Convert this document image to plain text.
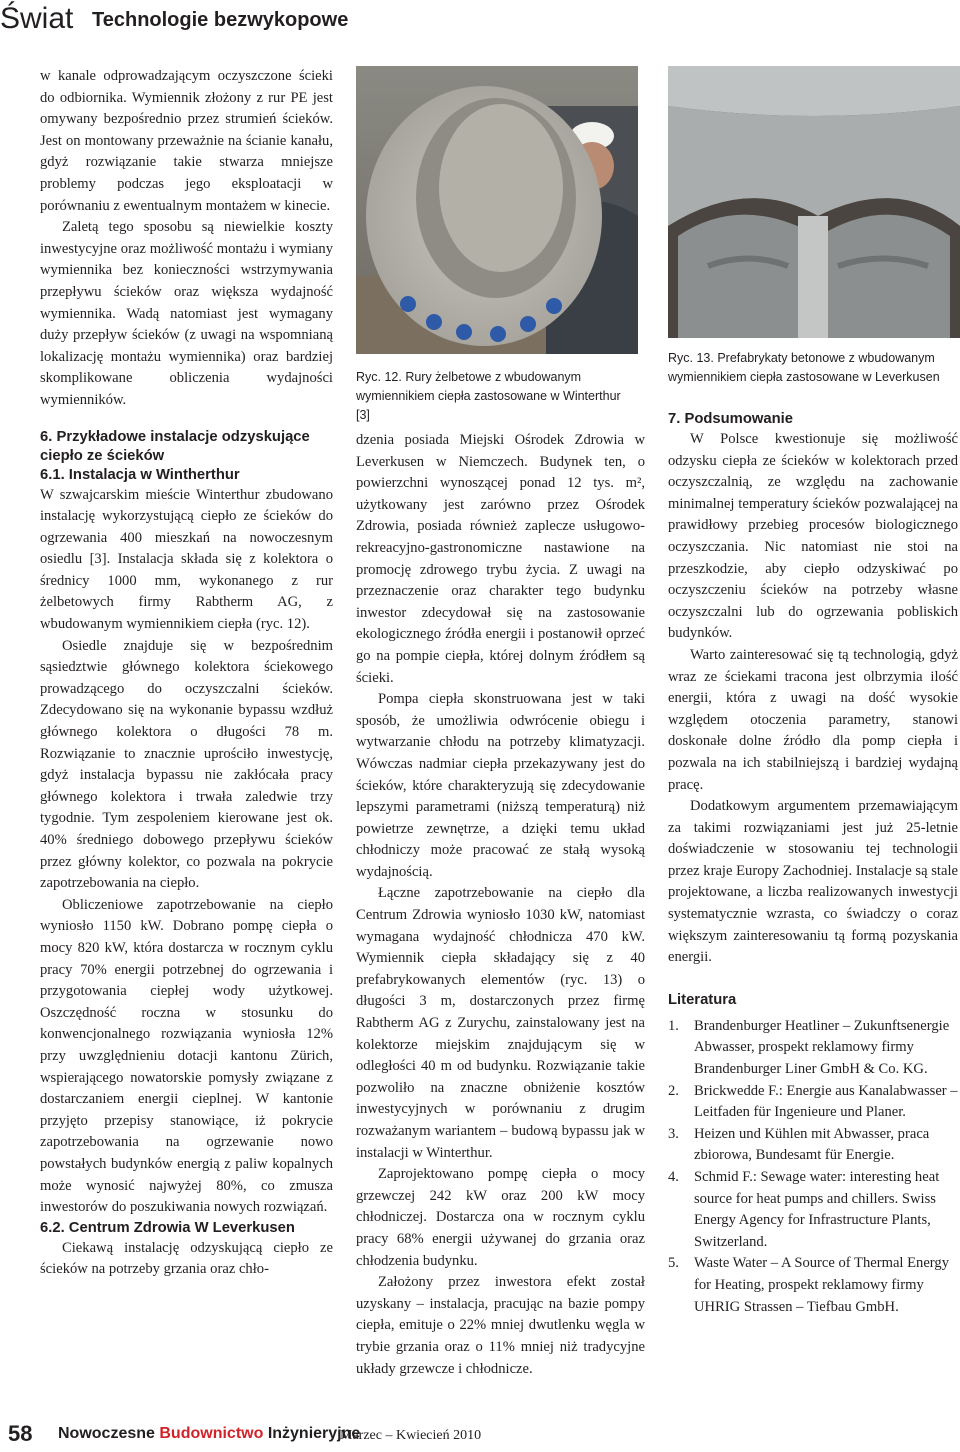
Świat Technologie bezwykopowe

w kanale odprowadzającym oczyszczone ścieki do odbiornika. Wymiennik złożony z rur PE jest omywany bezpośrednio przez strumień ścieków. Jest on montowany przeważnie na ścianie kanału, gdyż rozwiązanie takie stwarza mniejsze problemy podczas jego eksploatacji w porównaniu z ewentualnym montażem w kinecie.

Zaletą tego sposobu są niewielkie koszty inwestycyjne oraz możliwość montażu i wymiany wymiennika bez konieczności wstrzymywania przepływu ścieków oraz większa wydajność wymiennika. Wadą natomiast jest wymagany duży przepływ ścieków (z uwagi na wspomnianą lokalizację montażu wymiennika) oraz bardziej skomplikowane obliczenia wydajności wymienników.

6. Przykładowe instalacje odzyskujące ciepło ze ścieków
6.1. Instalacja w Wintherthur

W szwajcarskim mieście Winterthur zbudowano instalację wykorzystującą ciepło ze ścieków do ogrzewania 400 mieszkań na nowoczesnym osiedlu [3]. Instalacja składa się z kolektora o średnicy 1000 mm, wykonanego z rur żelbetowych firmy Rabtherm AG, z wbudowanym wymiennikiem ciepła (ryc. 12).

Osiedle znajduje się w bezpośrednim sąsiedztwie głównego kolektora ściekowego prowadzącego do oczyszczalni ścieków. Zdecydowano się na wykonanie bypassu wzdłuż głównego kolektora o długości 78 m. Rozwiązanie to znacznie uprościło inwestycję, gdyż instalacja bypassu nie zakłócała pracy głównego kolektora i trwała zaledwie trzy tygodnie. Tym zespoleniem kierowane jest ok. 40% średniego dobowego przepływu ścieków przez główny kolektor, co pozwala na pokrycie zapotrzebowania na ciepło.

Obliczeniowe zapotrzebowanie na ciepło wyniosło 1150 kW. Dobrano pompę ciepła o mocy 820 kW, która dostarcza w rocznym cyklu pracy 70% energii potrzebnej do ogrzewania i przygotowania ciepłej wody użytkowej. Oszczędność roczna w stosunku do konwencjonalnego rozwiązania wyniosła 12% przy uwzględnieniu dotacji kantonu Zürich, wspierającego nowatorskie pomysły związane z dostarczaniem energii cieplnej. W kantonie przyjęto przepisy stanowiące, iż pokrycie zapotrzebowania na ogrzewanie nowo powstałych budynków energią z paliw kopalnych może wynosić najwyżej 80%, co zmusza inwestorów do poszukiwania nowych rozwiązań.

6.2. Centrum Zdrowia W Leverkusen

Ciekawą instalację odzyskującą ciepło ze ścieków na potrzeby grzania oraz chło-

Ryc. 12. Rury żelbetowe z wbudowanym wymiennikiem ciepła zastosowane w Winterthur [3]

dzenia posiada Miejski Ośrodek Zdrowia w Leverkusen w Niemczech. Budynek ten, o powierzchni wynoszącej ponad 12 tys. m², użytkowany jest zarówno przez Ośrodek Zdrowia, posiada również zaplecze usługowo-rekreacyjno-gastronomiczne nastawione na promocję zdrowego trybu życia. Z uwagi na przeznaczenie oraz charakter tego budynku inwestor zdecydował się na zastosowanie ekologicznego źródła energii i postanowił oprzeć go na pompie ciepła, której dolnym źródłem są ścieki.

Pompa ciepła skonstruowana jest w taki sposób, że umożliwia odwrócenie obiegu i wytwarzanie chłodu na potrzeby klimatyzacji. Wówczas nadmiar ciepła przekazywany jest do ścieków, które charakteryzują się zdecydowanie lepszymi parametrami (niższą temperaturą) niż powietrze zewnętrze, a dzięki temu układ chłodniczy może pracować ze stałą wysoką wydajnością.

Łączne zapotrzebowanie na ciepło dla Centrum Zdrowia wyniosło 1030 kW, natomiast wymagana wydajność chłodnicza 470 kW. Wymiennik ciepła składający się z 40 prefabrykowanych elementów (ryc. 13) o długości 3 m, dostarczonych przez firmę Rabtherm AG z Zurychu, zainstalowany jest na kolektorze miejskim znajdującym się w odległości 40 m od budynku. Rozwiązanie takie pozwoliło na znaczne obniżenie kosztów inwestycyjnych w porównaniu z drugim rozważanym wariantem – budową bypassu jak w instalacji w Winterthur.

Zaprojektowano pompę ciepła o mocy grzewczej 242 kW oraz 200 kW mocy chłodniczej. Dostarcza ona w rocznym cyklu pracy 68% energii używanej do grzania oraz chłodzenia budynku.

Założony przez inwestora efekt został uzyskany – instalacja, pracując na bazie pompy ciepła, emituje o 22% mniej dwutlenku węgla w trybie grzania oraz o 11% mniej niż tradycyjne układy grzewcze i chłodnicze.

Ryc. 13. Prefabrykaty betonowe z wbudowanym wymiennikiem ciepła zastosowane w Leverkusen
7. Podsumowanie

W Polsce kwestionuje się możliwość odzysku ciepła ze ścieków w kolektorach przed oczyszczalnią, ze względu na zachowanie minimalnej temperatury ścieków pozwalającej na prawidłowy przebieg procesów biologicznego oczyszczania. Nic natomiast nie stoi na przeszkodzie, aby ciepło odzyskiwać po oczyszczeniu ścieków na potrzeby własne oczyszczalni lub do ogrzewania pobliskich budynków.

Warto zainteresować się tą technologią, gdyż wraz ze ściekami tracona jest olbrzymia ilość energii, która z uwagi na dość wysokie względem otoczenia parametry, stanowi doskonałe dolne źródło dla pomp ciepła i pozwala na ich stabilniejszą i bardziej wydajną pracę.

Dodatkowym argumentem przemawiającym za takimi rozwiązaniami jest już 25-letnie doświadczenie w stosowaniu tej technologii przez kraje Europy Zachodniej. Instalacje są stale projektowane, a liczba realizowanych inwestycji systematycznie wzrasta, co świadczy o coraz większym zainteresowaniu tą formą pozyskania energii.

Literatura
1. Brandenburger Heatliner – Zukunftsenergie Abwasser, prospekt reklamowy firmy Brandenburger Liner GmbH & Co. KG.
2. Brickwedde F.: Energie aus Kanalabwasser – Leitfaden für Ingenieure und Planer.
3. Heizen und Kühlen mit Abwasser, praca zbiorowa, Bundesamt für Energie.
4. Schmid F.: Sewage water: interesting heat source for heat pumps and chillers. Swiss Energy Agency for Infrastructure Plants, Switzerland.
5. Waste Water – A Source of Thermal Energy for Heating, prospekt reklamowy firmy UHRIG Strassen – Tiefbau GmbH.
58 Nowoczesne Budownictwo Inżynieryjne
Marzec – Kwiecień 2010
